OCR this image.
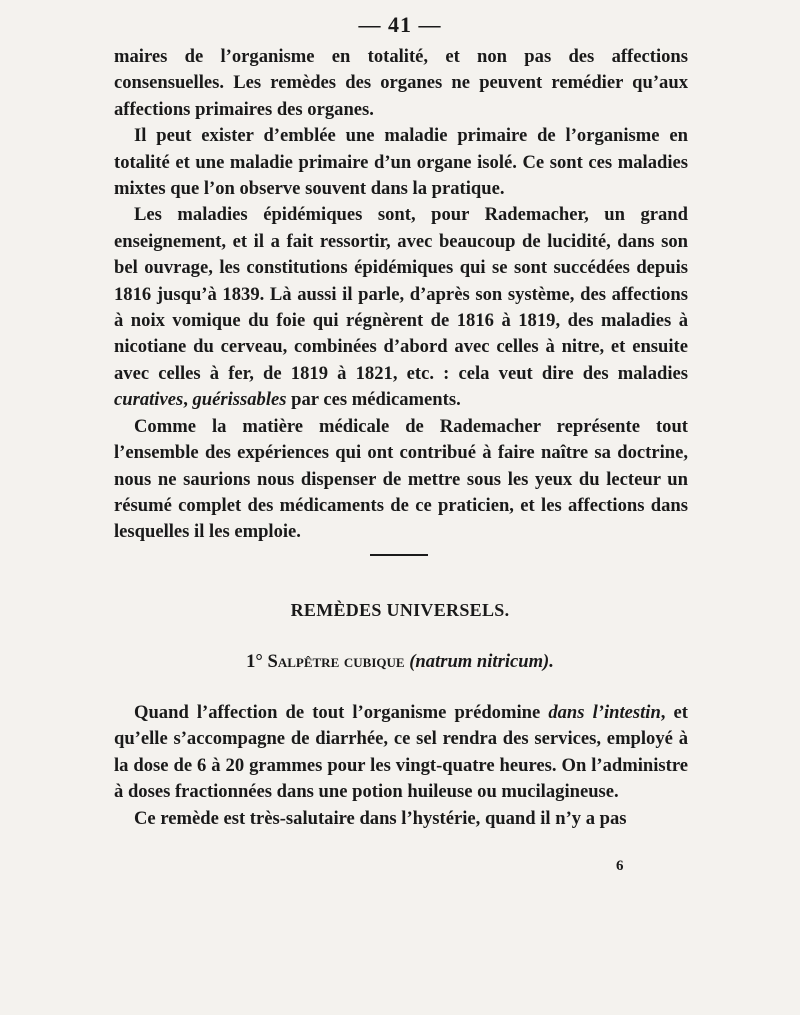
— 41 —

maires de l’organisme en totalité, et non pas des affections consensuelles. Les remèdes des organes ne peuvent remédier qu’aux affections primaires des organes.

Il peut exister d’emblée une maladie primaire de l’organisme en totalité et une maladie primaire d’un organe isolé. Ce sont ces maladies mixtes que l’on observe souvent dans la pratique.

Les maladies épidémiques sont, pour Rademacher, un grand enseignement, et il a fait ressortir, avec beaucoup de lucidité, dans son bel ouvrage, les constitutions épidémiques qui se sont succédées depuis 1816 jusqu’à 1839. Là aussi il parle, d’après son système, des affections à noix vomique du foie qui régnèrent de 1816 à 1819, des maladies à nicotiane du cerveau, combinées d’abord avec celles à nitre, et ensuite avec celles à fer, de 1819 à 1821, etc. : cela veut dire des maladies curatives, guérissables par ces médicaments.

Comme la matière médicale de Rademacher représente tout l’ensemble des expériences qui ont contribué à faire naître sa doctrine, nous ne saurions nous dispenser de mettre sous les yeux du lecteur un résumé complet des médicaments de ce praticien, et les affections dans lesquelles il les emploie.

REMÈDES UNIVERSELS.
1° Salpêtre cubique (natrum nitricum).

Quand l’affection de tout l’organisme prédomine dans l’intestin, et qu’elle s’accompagne de diarrhée, ce sel rendra des services, employé à la dose de 6 à 20 grammes pour les vingt-quatre heures. On l’administre à doses fractionnées dans une potion huileuse ou mucilagineuse.

Ce remède est très-salutaire dans l’hystérie, quand il n’y a pas

6
